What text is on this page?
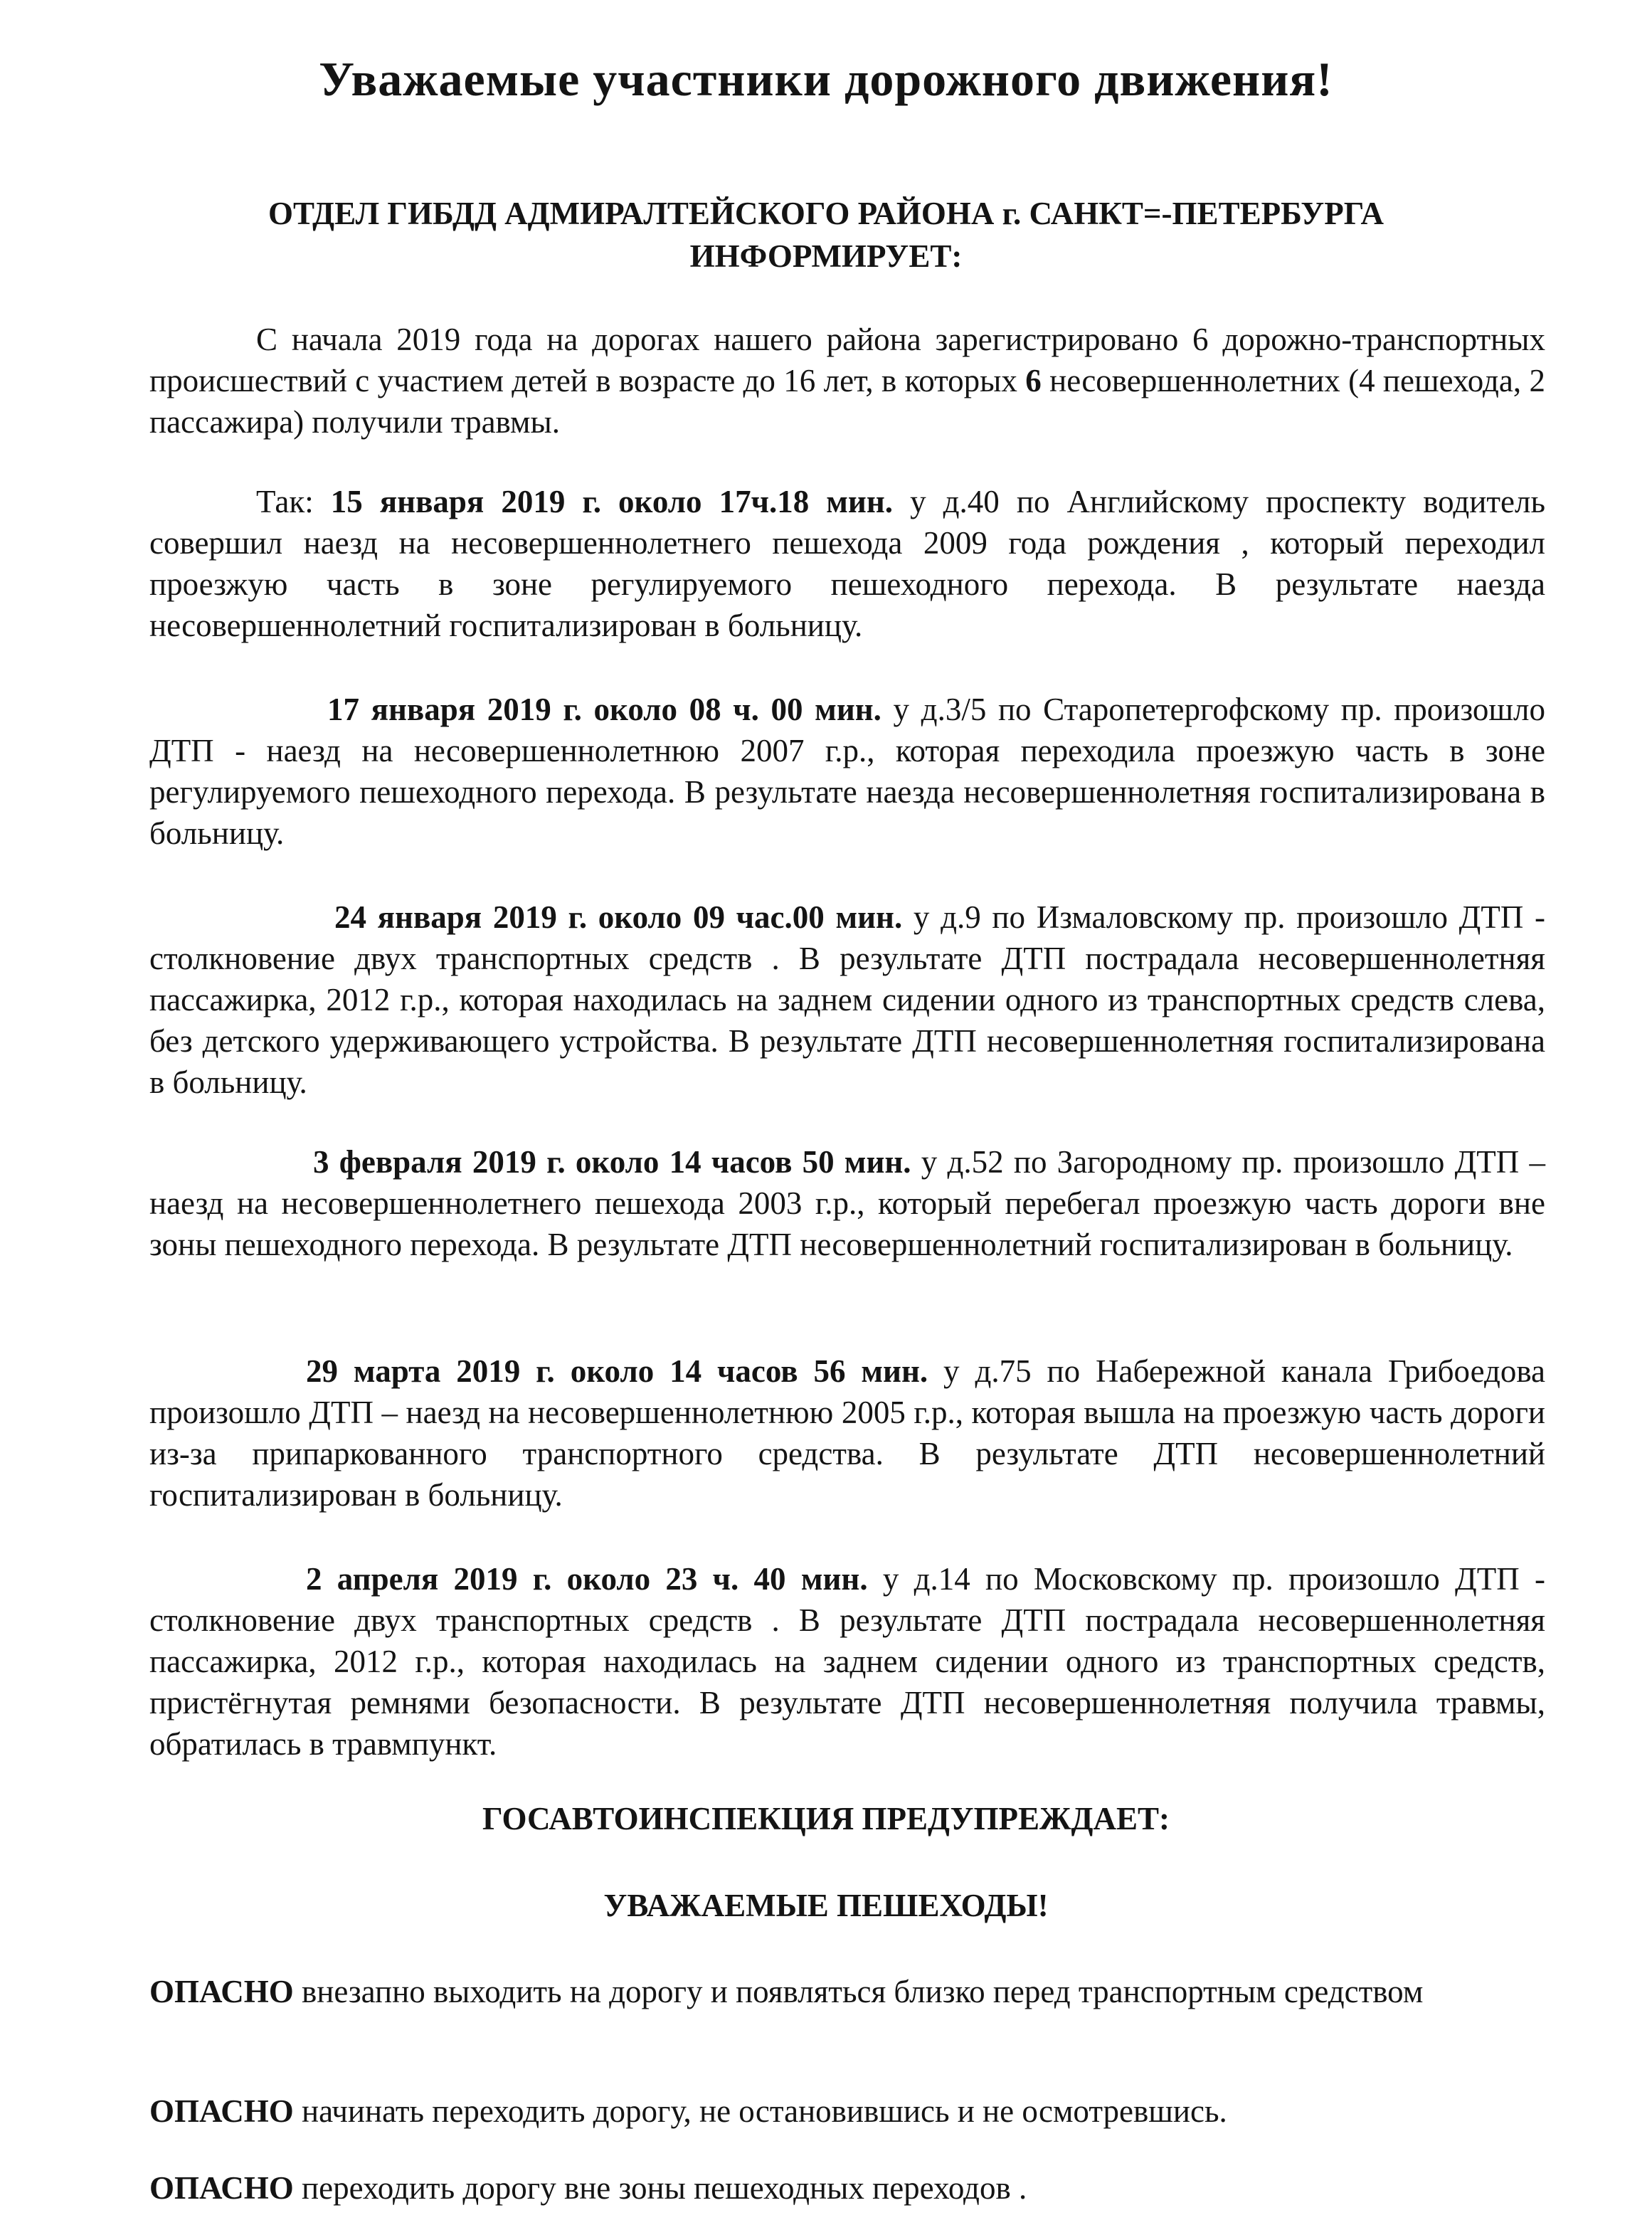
Уважаемые участники дорожного движения!
ОТДЕЛ ГИБДД АДМИРАЛТЕЙСКОГО РАЙОНА г. САНКТ=-ПЕТЕРБУРГА
ИНФОРМИРУЕТ:
С начала 2019 года на дорогах нашего района зарегистрировано 6 дорожно-транспортных происшествий с участием детей в возрасте до 16 лет, в которых 6 несовершеннолетних (4 пешехода, 2 пассажира) получили травмы.
Так: 15 января 2019 г. около 17ч.18 мин. у д.40 по Английскому проспекту водитель совершил наезд на несовершеннолетнего пешехода 2009 года рождения , который переходил проезжую часть в зоне регулируемого пешеходного перехода. В результате наезда несовершеннолетний госпитализирован в больницу.
17 января 2019 г. около 08 ч. 00 мин. у д.3/5 по Старопетергофскому пр. произошло ДТП - наезд на несовершеннолетнюю 2007 г.р., которая переходила проезжую часть в зоне регулируемого пешеходного перехода. В результате наезда несовершеннолетняя госпитализирована в больницу.
24 января 2019 г. около 09 час.00 мин. у д.9 по Измаловскому пр. произошло ДТП - столкновение двух транспортных средств . В результате ДТП пострадала несовершеннолетняя пассажирка, 2012 г.р., которая находилась на заднем сидении одного из транспортных средств слева, без детского удерживающего устройства. В результате ДТП несовершеннолетняя госпитализирована в больницу.
3 февраля 2019 г. около 14 часов 50 мин. у д.52 по Загородному пр. произошло ДТП – наезд на несовершеннолетнего пешехода 2003 г.р., который перебегал проезжую часть дороги вне зоны пешеходного перехода. В результате ДТП несовершеннолетний госпитализирован в больницу.
29 марта 2019 г. около 14 часов 56 мин. у д.75 по Набережной канала Грибоедова произошло ДТП – наезд на несовершеннолетнюю 2005 г.р., которая вышла на проезжую часть дороги из-за припаркованного транспортного средства. В результате ДТП несовершеннолетний госпитализирован в больницу.
2 апреля 2019 г. около 23 ч. 40 мин. у д.14 по Московскому пр. произошло ДТП - столкновение двух транспортных средств . В результате ДТП пострадала несовершеннолетняя пассажирка, 2012 г.р., которая находилась на заднем сидении одного из транспортных средств, пристёгнутая ремнями безопасности. В результате ДТП несовершеннолетняя получила травмы, обратилась в травмпункт.
ГОСАВТОИНСПЕКЦИЯ ПРЕДУПРЕЖДАЕТ:
УВАЖАЕМЫЕ ПЕШЕХОДЫ!
ОПАСНО внезапно выходить на дорогу и появляться близко перед транспортным средством
ОПАСНО начинать переходить дорогу, не остановившись и не осмотревшись.
ОПАСНО переходить дорогу вне зоны пешеходных переходов .
